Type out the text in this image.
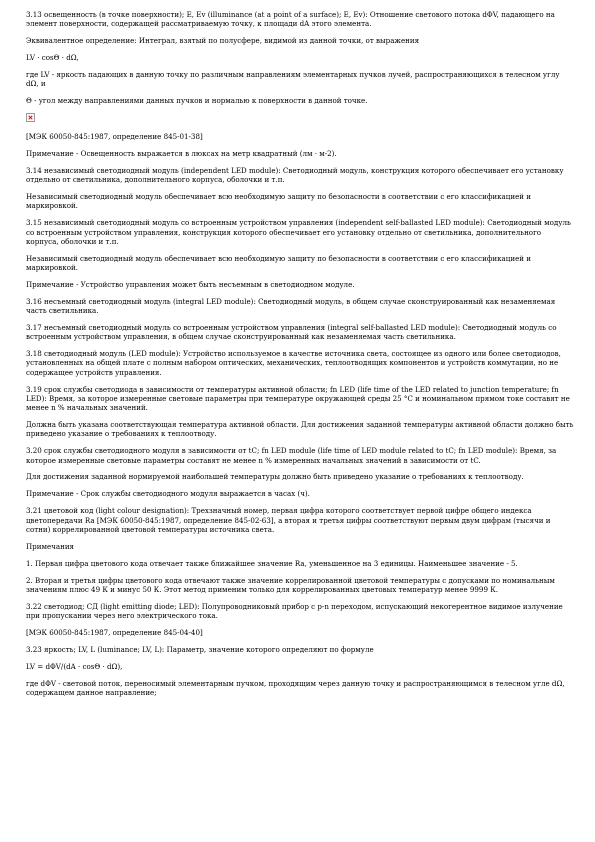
3.13 освещенность (в точке поверхности); E, Ev (illuminance (at a point of a surface); E, Ev): Отношение светового потока dΦV, падающего на элемент поверхности, содержащей рассматриваемую точку, к площади dA этого элемента.

Эквивалентное определение: Интеграл, взятый по полусфере, видимой из данной точки, от выражения

LV · cosΘ · dΩ,

где LV - яркость падающих в данную точку по различным направлениям элементарных пучков лучей, распространяющихся в телесном углу dΩ, и

Θ - угол между направлениями данных пучков и нормалью к поверхности в данной точке.

[МЭК 60050-845:1987, определение 845-01-38]

Примечание - Освещенность выражается в люксах на метр квадратный (лм · м-2).

3.14 независимый светодиодный модуль (independent LED module): Светодиодный модуль, конструкция которого обеспечивает его установку отдельно от светильника, дополнительного корпуса, оболочки и т.п.

Независимый светодиодный модуль обеспечивает всю необходимую защиту по безопасности в соответствии с его классификацией и маркировкой.

3.15 независимый светодиодный модуль со встроенным устройством управления (independent self-ballasted LED module): Светодиодный модуль со встроенным устройством управления, конструкция которого обеспечивает его установку отдельно от светильника, дополнительного корпуса, оболочки и т.п.

Независимый светодиодный модуль обеспечивает всю необходимую защиту по безопасности в соответствии с его классификацией и маркировкой.

Примечание - Устройство управления может быть несъемным в светодиодном модуле.

3.16 несъемный светодиодный модуль (integral LED module): Светодиодный модуль, в общем случае сконструированный как незаменяемая часть светильника.

3.17 несъемный светодиодный модуль со встроенным устройством управления (integral self-ballasted LED module): Светодиодный модуль со встроенным устройством управления, в общем случае сконструированный как незаменяемая часть светильника.

3.18 светодиодный модуль (LED module): Устройство используемое в качестве источника света, состоящее из одного или более светодиодов, установленных на общей плате с полным набором оптических, механических, теплоотводящих компонентов и устройств коммутации, но не содержащее устройств управления.

3.19 срок службы светодиода в зависимости от температуры активной области; fn LED (life time of the LED related to junction temperature; fn LED): Время, за которое измеренные световые параметры при температуре окружающей среды 25 °С и номинальном прямом токе составят не менее n % начальных значений.

Должна быть указана соответствующая температура активной области. Для достижения заданной температуры активной области должно быть приведено указание о требованиях к теплоотводу.

3.20 срок службы светодиодного модуля в зависимости от tC; fn LED module (life time of LED module related to tC; fn LED module): Время, за которое измеренные световые параметры составят не менее n % измеренных начальных значений в зависимости от tC.

Для достижения заданной нормируемой наибольшей температуры должно быть приведено указание о требованиях к теплоотводу.

Примечание - Срок службы светодиодного модуля выражается в часах (ч).

3.21 цветовой код (light colour designation): Трехзначный номер, первая цифра которого соответствует первой цифре общего индекса цветопередачи Ra [МЭК 60050-845:1987, определение 845-02-63], а вторая и третья цифры соответствуют первым двум цифрам (тысячи и сотни) коррелированной цветовой температуры источника света.

Примечания

1. Первая цифра цветового кода отвечает также ближайшее значение Ra, уменьшенное на 3 единицы. Наименьшее значение - 5.

2. Вторая и третья цифры цветового кода отвечают также значение коррелированной цветовой температуры с допусками по номинальным значениям плюс 49 К и минус 50 К. Этот метод применим только для коррелированных цветовых температур менее 9999 К.

3.22 светодиод; СД (light emitting diode; LED): Полупроводниковый прибор с p-n переходом, испускающий некогерентное видимое излучение при пропускании через него электрического тока.

[МЭК 60050-845:1987, определение 845-04-40]

3.23 яркость; LV, L (luminance; LV, L): Параметр, значение которого определяют по формуле

LV = dΦV/(dA · cosΘ · dΩ),

где dΦV - световой поток, переносимый элементарным пучком, проходящим через данную точку и распространяющимся в телесном угле dΩ, содержащем данное направление;
